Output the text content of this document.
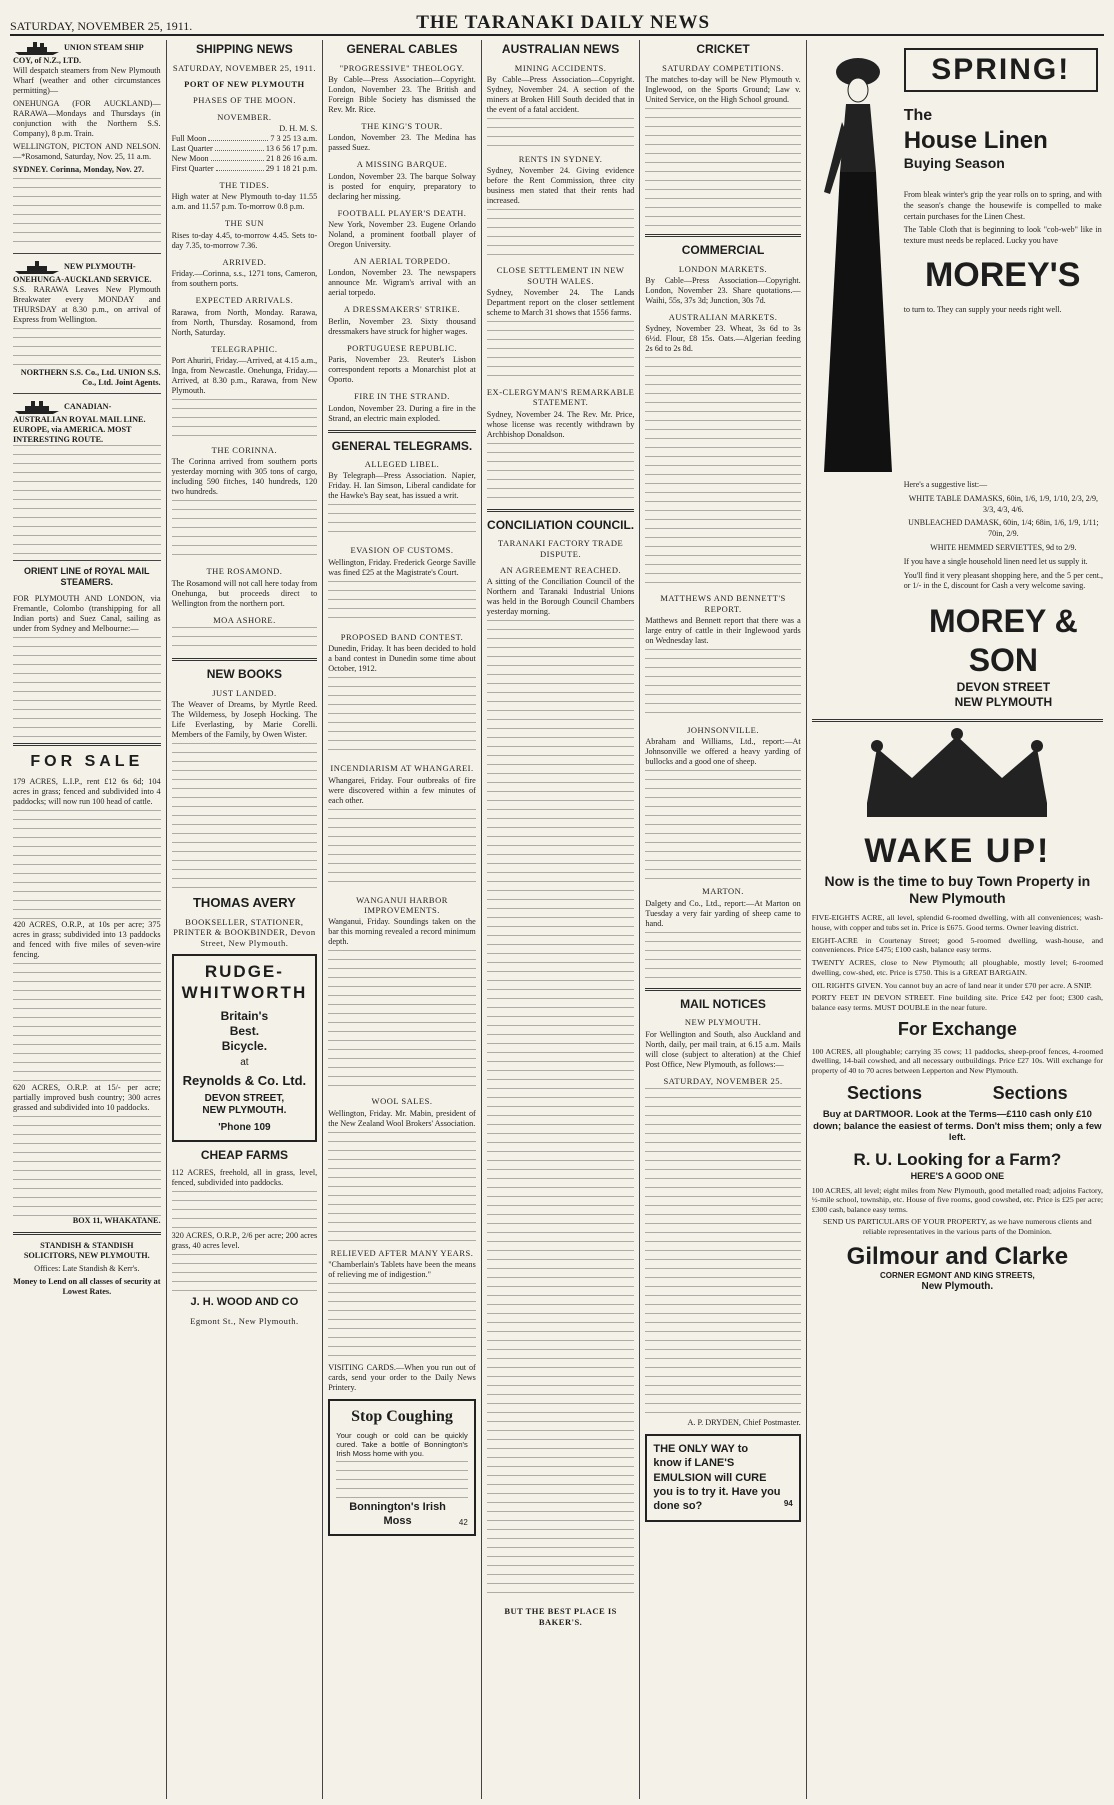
SATURDAY, NOVEMBER 25, 1911.	THE TARANAKI DAILY NEWS
UNION STEAM SHIP COY, of N.Z., LTD.

Will despatch steamers from New Plymouth Wharf (weather and other circumstances permitting)—

ONEHUNGA (FOR AUCKLAND)—RARAWA—Mondays and Thursdays (in conjunction with the Northern S.S. Company), 8 p.m. Train.

WELLINGTON, PICTON AND NELSON.—*Rosamond, Saturday, Nov. 25, 11 a.m.

SYDNEY. Corinna, Monday, Nov. 27.

NEW PLYMOUTH-ONEHUNGA-AUCKLAND SERVICE.

S.S. RARAWA Leaves New Plymouth Breakwater every MONDAY and THURSDAY at 8.30 p.m., on arrival of Express from Wellington.

NORTHERN S.S. Co., Ltd. UNION S.S. Co., Ltd. Joint Agents.

CANADIAN-AUSTRALIAN ROYAL MAIL LINE. EUROPE, via AMERICA. MOST INTERESTING ROUTE.
ORIENT LINE of ROYAL MAIL STEAMERS.

FOR PLYMOUTH AND LONDON, via Fremantle, Colombo (transhipping for all Indian ports) and Suez Canal, sailing as under from Sydney and Melbourne:—

FOR SALE

179 ACRES, L.I.P., rent £12 6s 6d; 104 acres in grass; fenced and subdivided into 4 paddocks; will now run 100 head of cattle.

420 ACRES, O.R.P., at 10s per acre; 375 acres in grass; subdivided into 13 paddocks and fenced with five miles of seven-wire fencing.

620 ACRES, O.R.P. at 15/- per acre; partially improved bush country; 300 acres grassed and subdivided into 10 paddocks.

BOX 11, WHAKATANE.

STANDISH & STANDISH SOLICITORS, NEW PLYMOUTH.

Offices: Late Standish & Kerr's.

Money to Lend on all classes of security at Lowest Rates.

SHIPPING NEWS
SATURDAY, NOVEMBER 25, 1911.
PORT OF NEW PLYMOUTH
PHASES OF THE MOON.
NOVEMBER.
D. H. M. S.
Full Moon	7 3 25 13 a.m.
Last Quarter	13 6 56 17 p.m.
New Moon	21 8 26 16 a.m.
First Quarter	29 1 18 21 p.m.
THE TIDES.

High water at New Plymouth to-day 11.55 a.m. and 11.57 p.m. To-morrow 0.8 p.m.

THE SUN

Rises to-day 4.45, to-morrow 4.45. Sets to-day 7.35, to-morrow 7.36.

ARRIVED.

Friday.—Corinna, s.s., 1271 tons, Cameron, from southern ports.

EXPECTED ARRIVALS.

Rarawa, from North, Monday. Rarawa, from North, Thursday. Rosamond, from North, Saturday.

TELEGRAPHIC.

Port Ahuriri, Friday.—Arrived, at 4.15 a.m., Inga, from Newcastle. Onehunga, Friday.—Arrived, at 8.30 p.m., Rarawa, from New Plymouth.

THE CORINNA.

The Corinna arrived from southern ports yesterday morning with 305 tons of cargo, including 590 fitches, 140 hundreds, 120 two hundreds.

THE ROSAMOND.

The Rosamond will not call here today from Onehunga, but proceeds direct to Wellington from the northern port.

MOA ASHORE.
NEW BOOKS
JUST LANDED.

The Weaver of Dreams, by Myrtle Reed. The Wilderness, by Joseph Hocking. The Life Everlasting, by Marie Corelli. Members of the Family, by Owen Wister.

THOMAS AVERY
BOOKSELLER, STATIONER, PRINTER & BOOKBINDER, Devon Street, New Plymouth.
RUDGE-
WHITWORTH
Britain's
Best.
Bicycle.
at
Reynolds & Co. Ltd.
DEVON STREET,
NEW PLYMOUTH.
'Phone 109
CHEAP FARMS

112 ACRES, freehold, all in grass, level, fenced, subdivided into paddocks.

320 ACRES, O.R.P., 2/6 per acre; 200 acres grass, 40 acres level.

J. H. WOOD AND CO
Egmont St., New Plymouth.
GENERAL CABLES
"PROGRESSIVE" THEOLOGY.

By Cable—Press Association—Copyright. London, November 23. The British and Foreign Bible Society has dismissed the Rev. Mr. Rice.

THE KING'S TOUR.

London, November 23. The Medina has passed Suez.

A MISSING BARQUE.

London, November 23. The barque Solway is posted for enquiry, preparatory to declaring her missing.

FOOTBALL PLAYER'S DEATH.

New York, November 23. Eugene Orlando Noland, a prominent football player of Oregon University.

AN AERIAL TORPEDO.

London, November 23. The newspapers announce Mr. Wigram's arrival with an aerial torpedo.

A DRESSMAKERS' STRIKE.

Berlin, November 23. Sixty thousand dressmakers have struck for higher wages.

PORTUGUESE REPUBLIC.

Paris, November 23. Reuter's Lisbon correspondent reports a Monarchist plot at Oporto.

FIRE IN THE STRAND.

London, November 23. During a fire in the Strand, an electric main exploded.

GENERAL TELEGRAMS.
ALLEGED LIBEL.

By Telegraph—Press Association. Napier, Friday. H. Ian Simson, Liberal candidate for the Hawke's Bay seat, has issued a writ.

EVASION OF CUSTOMS.

Wellington, Friday. Frederick George Saville was fined £25 at the Magistrate's Court.

PROPOSED BAND CONTEST.

Dunedin, Friday. It has been decided to hold a band contest in Dunedin some time about October, 1912.

INCENDIARISM AT WHANGAREI.

Whangarei, Friday. Four outbreaks of fire were discovered within a few minutes of each other.

WANGANUI HARBOR IMPROVEMENTS.

Wanganui, Friday. Soundings taken on the bar this morning revealed a record minimum depth.

WOOL SALES.

Wellington, Friday. Mr. Mabin, president of the New Zealand Wool Brokers' Association.

RELIEVED AFTER MANY YEARS.

"Chamberlain's Tablets have been the means of relieving me of indigestion."

VISITING CARDS.—When you run out of cards, send your order to the Daily News Printery.

Stop Coughing

Your cough or cold can be quickly cured. Take a bottle of Bonnington's Irish Moss home with you.

Bonnington's Irish Moss	42
AUSTRALIAN NEWS
MINING ACCIDENTS.

By Cable—Press Association—Copyright. Sydney, November 24. A section of the miners at Broken Hill South decided that in the event of a fatal accident.

RENTS IN SYDNEY.

Sydney, November 24. Giving evidence before the Rent Commission, three city business men stated that their rents had increased.

CLOSE SETTLEMENT IN NEW SOUTH WALES.

Sydney, November 24. The Lands Department report on the closer settlement scheme to March 31 shows that 1556 farms.

EX-CLERGYMAN'S REMARKABLE STATEMENT.

Sydney, November 24. The Rev. Mr. Price, whose license was recently withdrawn by Archbishop Donaldson.

CONCILIATION COUNCIL.
TARANAKI FACTORY TRADE DISPUTE.
AN AGREEMENT REACHED.

A sitting of the Conciliation Council of the Northern and Taranaki Industrial Unions was held in the Borough Council Chambers yesterday morning.

BUT THE BEST PLACE IS BAKER'S.
CRICKET
SATURDAY COMPETITIONS.

The matches to-day will be New Plymouth v. Inglewood, on the Sports Ground; Law v. United Service, on the High School ground.

COMMERCIAL
LONDON MARKETS.

By Cable—Press Association—Copyright. London, November 23. Share quotations.—Waihi, 55s, 37s 3d; Junction, 30s 7d.

AUSTRALIAN MARKETS.

Sydney, November 23. Wheat, 3s 6d to 3s 6½d. Flour, £8 15s. Oats.—Algerian feeding 2s 6d to 2s 8d.

MATTHEWS AND BENNETT'S REPORT.

Matthews and Bennett report that there was a large entry of cattle in their Inglewood yards on Wednesday last.

JOHNSONVILLE.

Abraham and Williams, Ltd., report:—At Johnsonville we offered a heavy yarding of bullocks and a good one of sheep.

MARTON.

Dalgety and Co., Ltd., report:—At Marton on Tuesday a very fair yarding of sheep came to hand.

MAIL NOTICES
NEW PLYMOUTH.

For Wellington and South, also Auckland and North, daily, per mail train, at 6.15 a.m. Mails will close (subject to alteration) at the Chief Post Office, New Plymouth, as follows:—

SATURDAY, NOVEMBER 25.

A. P. DRYDEN, Chief Postmaster.

THE ONLY WAY to
know if LANE'S
EMULSION will CURE
you is to try it. Have you
done so?	94
SPRING!
The
House Linen
Buying Season

From bleak winter's grip the year rolls on to spring, and with the season's change the housewife is compelled to make certain purchases for the Linen Chest.

The Table Cloth that is beginning to look "cob-web" like in texture must needs be replaced. Lucky you have

MOREY'S

to turn to. They can supply your needs right well.

Here's a suggestive list:—

WHITE TABLE DAMASKS, 60in, 1/6, 1/9, 1/10, 2/3, 2/9, 3/3, 4/3, 4/6.

UNBLEACHED DAMASK, 60in, 1/4; 68in, 1/6, 1/9, 1/11; 70in, 2/9.

WHITE HEMMED SERVIETTES, 9d to 2/9.

If you have a single household linen need let us supply it.

You'll find it very pleasant shopping here, and the 5 per cent., or 1/- in the £, discount for Cash a very welcome saving.

MOREY & SON
DEVON STREET
NEW PLYMOUTH
WAKE UP!
Now is the time to buy Town Property in New Plymouth

FIVE-EIGHTS ACRE, all level, splendid 6-roomed dwelling, with all conveniences; wash-house, with copper and tubs set in. Price is £675. Good terms. Owner leaving district.

EIGHT-ACRE in Courtenay Street; good 5-roomed dwelling, wash-house, and conveniences. Price £475; £100 cash, balance easy terms.

TWENTY ACRES, close to New Plymouth; all ploughable, mostly level; 6-roomed dwelling, cow-shed, etc. Price is £750. This is a GREAT BARGAIN.

OIL RIGHTS GIVEN. You cannot buy an acre of land near it under £70 per acre. A SNIP.

PORTY FEET IN DEVON STREET. Fine building site. Price £42 per foot; £300 cash, balance easy terms. MUST DOUBLE in the near future.

For Exchange

100 ACRES, all ploughable; carrying 35 cows; 11 paddocks, sheep-proof fences, 4-roomed dwelling, 14-bail cowshed, and all necessary outbuildings. Price £27 10s. Will exchange for property of 40 to 70 acres between Lepperton and New Plymouth.

Sections	Sections

Buy at DARTMOOR. Look at the Terms—£110 cash only £10 down; balance the easiest of terms. Don't miss them; only a few left.

R. U. Looking for a Farm?
HERE'S A GOOD ONE

100 ACRES, all level; eight miles from New Plymouth, good metalled road; adjoins Factory, ½-mile school, township, etc. House of five rooms, good cowshed, etc. Price is £25 per acre; £300 cash, balance easy terms.

SEND US PARTICULARS OF YOUR PROPERTY, as we have numerous clients and reliable representatives in the various parts of the Dominion.

Gilmour and Clarke
CORNER EGMONT AND KING STREETS,
New Plymouth.
